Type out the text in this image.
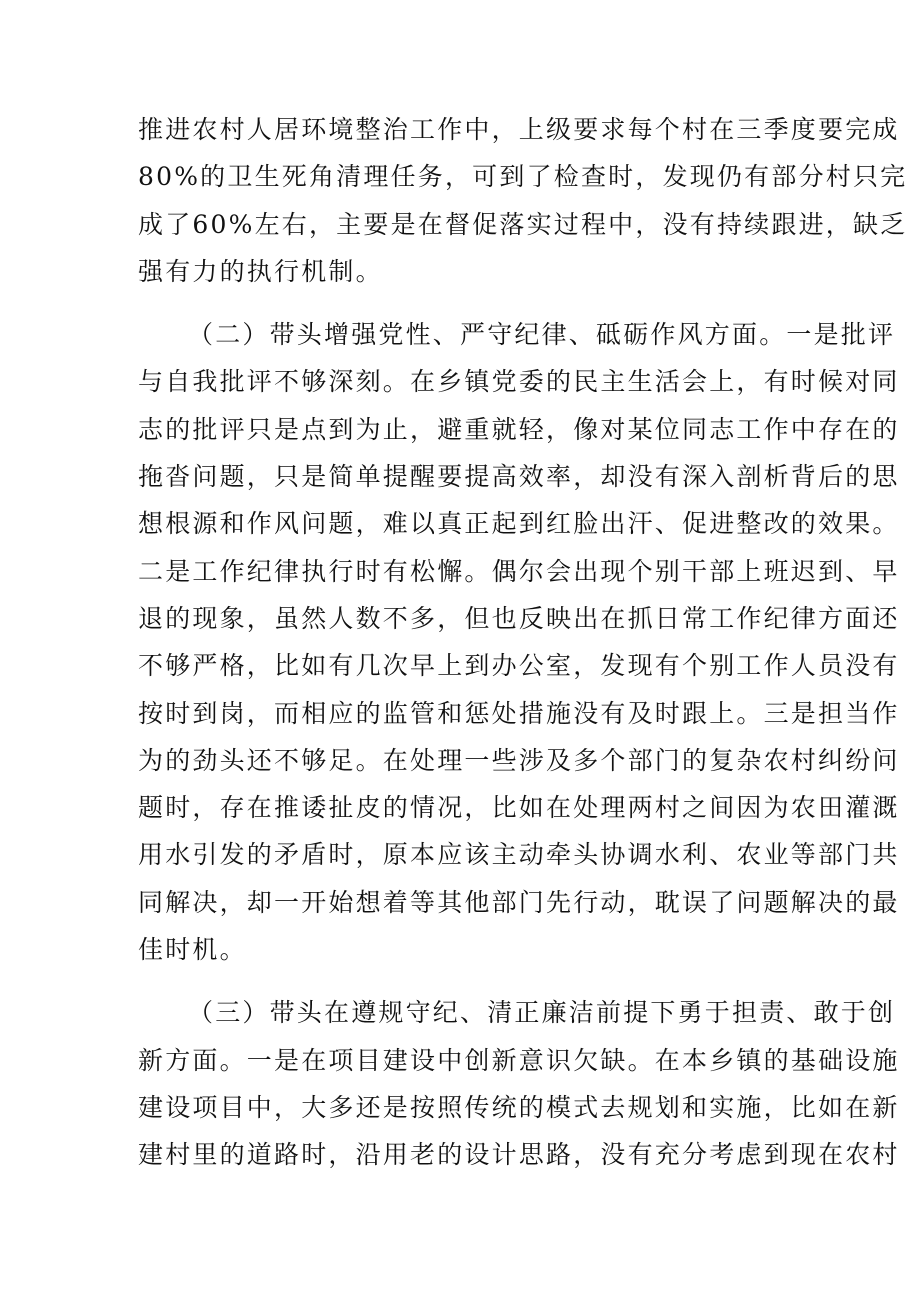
推进农村人居环境整治工作中，上级要求每个村在三季度要完成
80%的卫生死角清理任务，可到了检查时，发现仍有部分村只完
成了60%左右，主要是在督促落实过程中，没有持续跟进，缺乏
强有力的执行机制。
（二）带头增强党性、严守纪律、砥砺作风方面。一是批评
与自我批评不够深刻。在乡镇党委的民主生活会上，有时候对同
志的批评只是点到为止，避重就轻，像对某位同志工作中存在的
拖沓问题，只是简单提醒要提高效率，却没有深入剖析背后的思
想根源和作风问题，难以真正起到红脸出汗、促进整改的效果。
二是工作纪律执行时有松懈。偶尔会出现个别干部上班迟到、早
退的现象，虽然人数不多，但也反映出在抓日常工作纪律方面还
不够严格，比如有几次早上到办公室，发现有个别工作人员没有
按时到岗，而相应的监管和惩处措施没有及时跟上。三是担当作
为的劲头还不够足。在处理一些涉及多个部门的复杂农村纠纷问
题时，存在推诿扯皮的情况，比如在处理两村之间因为农田灌溉
用水引发的矛盾时，原本应该主动牵头协调水利、农业等部门共
同解决，却一开始想着等其他部门先行动，耽误了问题解决的最
佳时机。
（三）带头在遵规守纪、清正廉洁前提下勇于担责、敢于创
新方面。一是在项目建设中创新意识欠缺。在本乡镇的基础设施
建设项目中，大多还是按照传统的模式去规划和实施，比如在新
建村里的道路时，沿用老的设计思路，没有充分考虑到现在农村
